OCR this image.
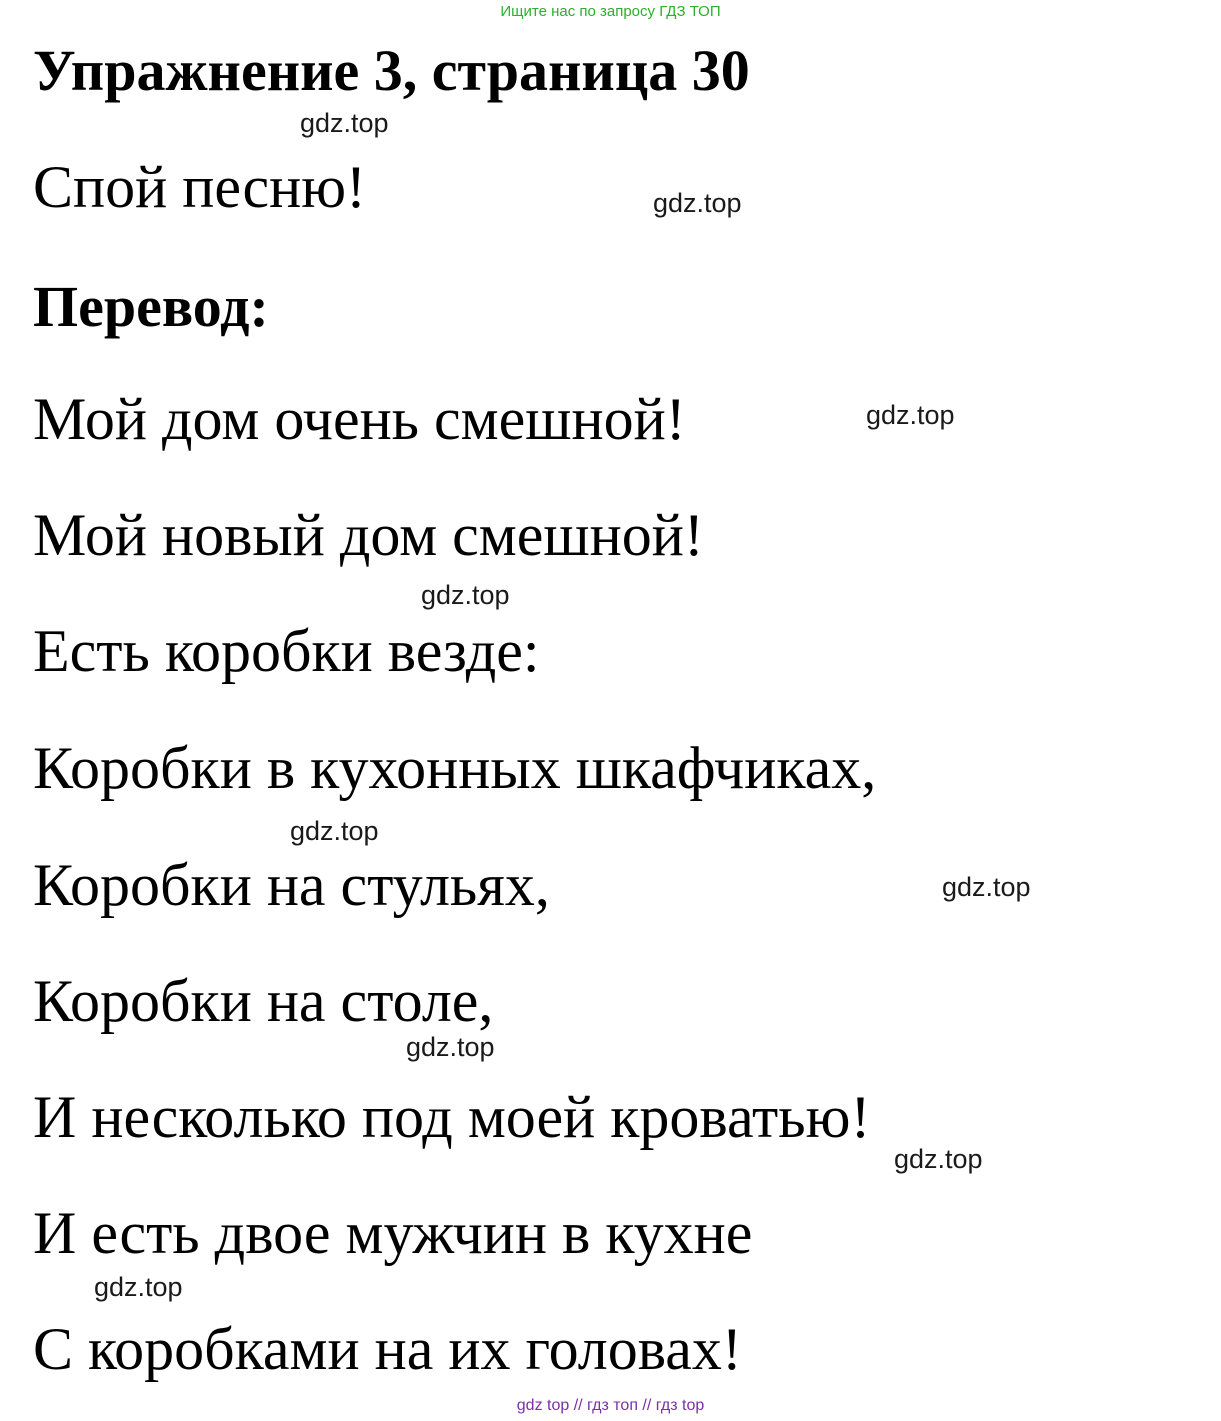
Ищите нас по запросу ГДЗ ТОП
Упражнение 3, страница 30
Спой песню!
Перевод:
Мой дом очень смешной!
Мой новый дом смешной!
Есть коробки везде:
Коробки в кухонных шкафчиках,
Коробки на стульях,
Коробки на столе,
И несколько под моей кроватью!
И есть двое мужчин в кухне
С коробками на их головах!
gdz.top
gdz.top
gdz.top
gdz.top
gdz.top
gdz.top
gdz.top
gdz.top
gdz.top
gdz top // гдз топ // гдз top
